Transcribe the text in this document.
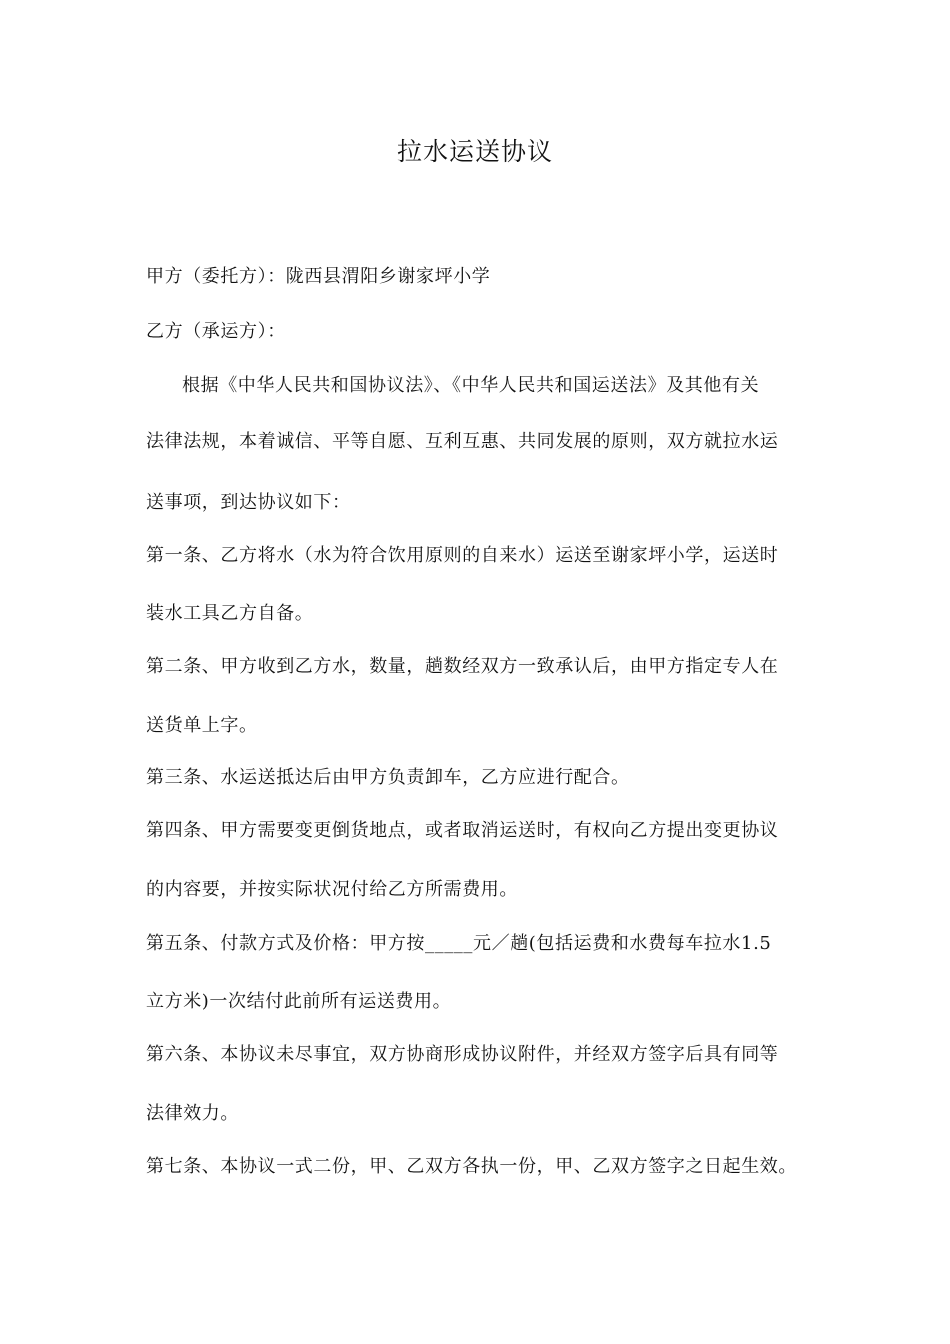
拉水运送协议
甲方（委托方）：陇西县渭阳乡谢家坪小学
乙方（承运方）：
根据《中华人民共和国协议法》、《中华人民共和国运送法》及其他有关
法律法规，本着诚信、平等自愿、互利互惠、共同发展的原则，双方就拉水运
送事项，到达协议如下：
第一条、乙方将水（水为符合饮用原则的自来水）运送至谢家坪小学，运送时
装水工具乙方自备。
第二条、甲方收到乙方水，数量，趟数经双方一致承认后，由甲方指定专人在
送货单上字。
第三条、水运送抵达后由甲方负责卸车，乙方应进行配合。
第四条、甲方需要变更倒货地点，或者取消运送时，有权向乙方提出变更协议
的内容要，并按实际状况付给乙方所需费用。
第五条、付款方式及价格：甲方按_____元／趟(包括运费和水费每车拉水1.5
立方米)一次结付此前所有运送费用。
第六条、本协议未尽事宜，双方协商形成协议附件，并经双方签字后具有同等
法律效力。
第七条、本协议一式二份，甲、乙双方各执一份，甲、乙双方签字之日起生效。
